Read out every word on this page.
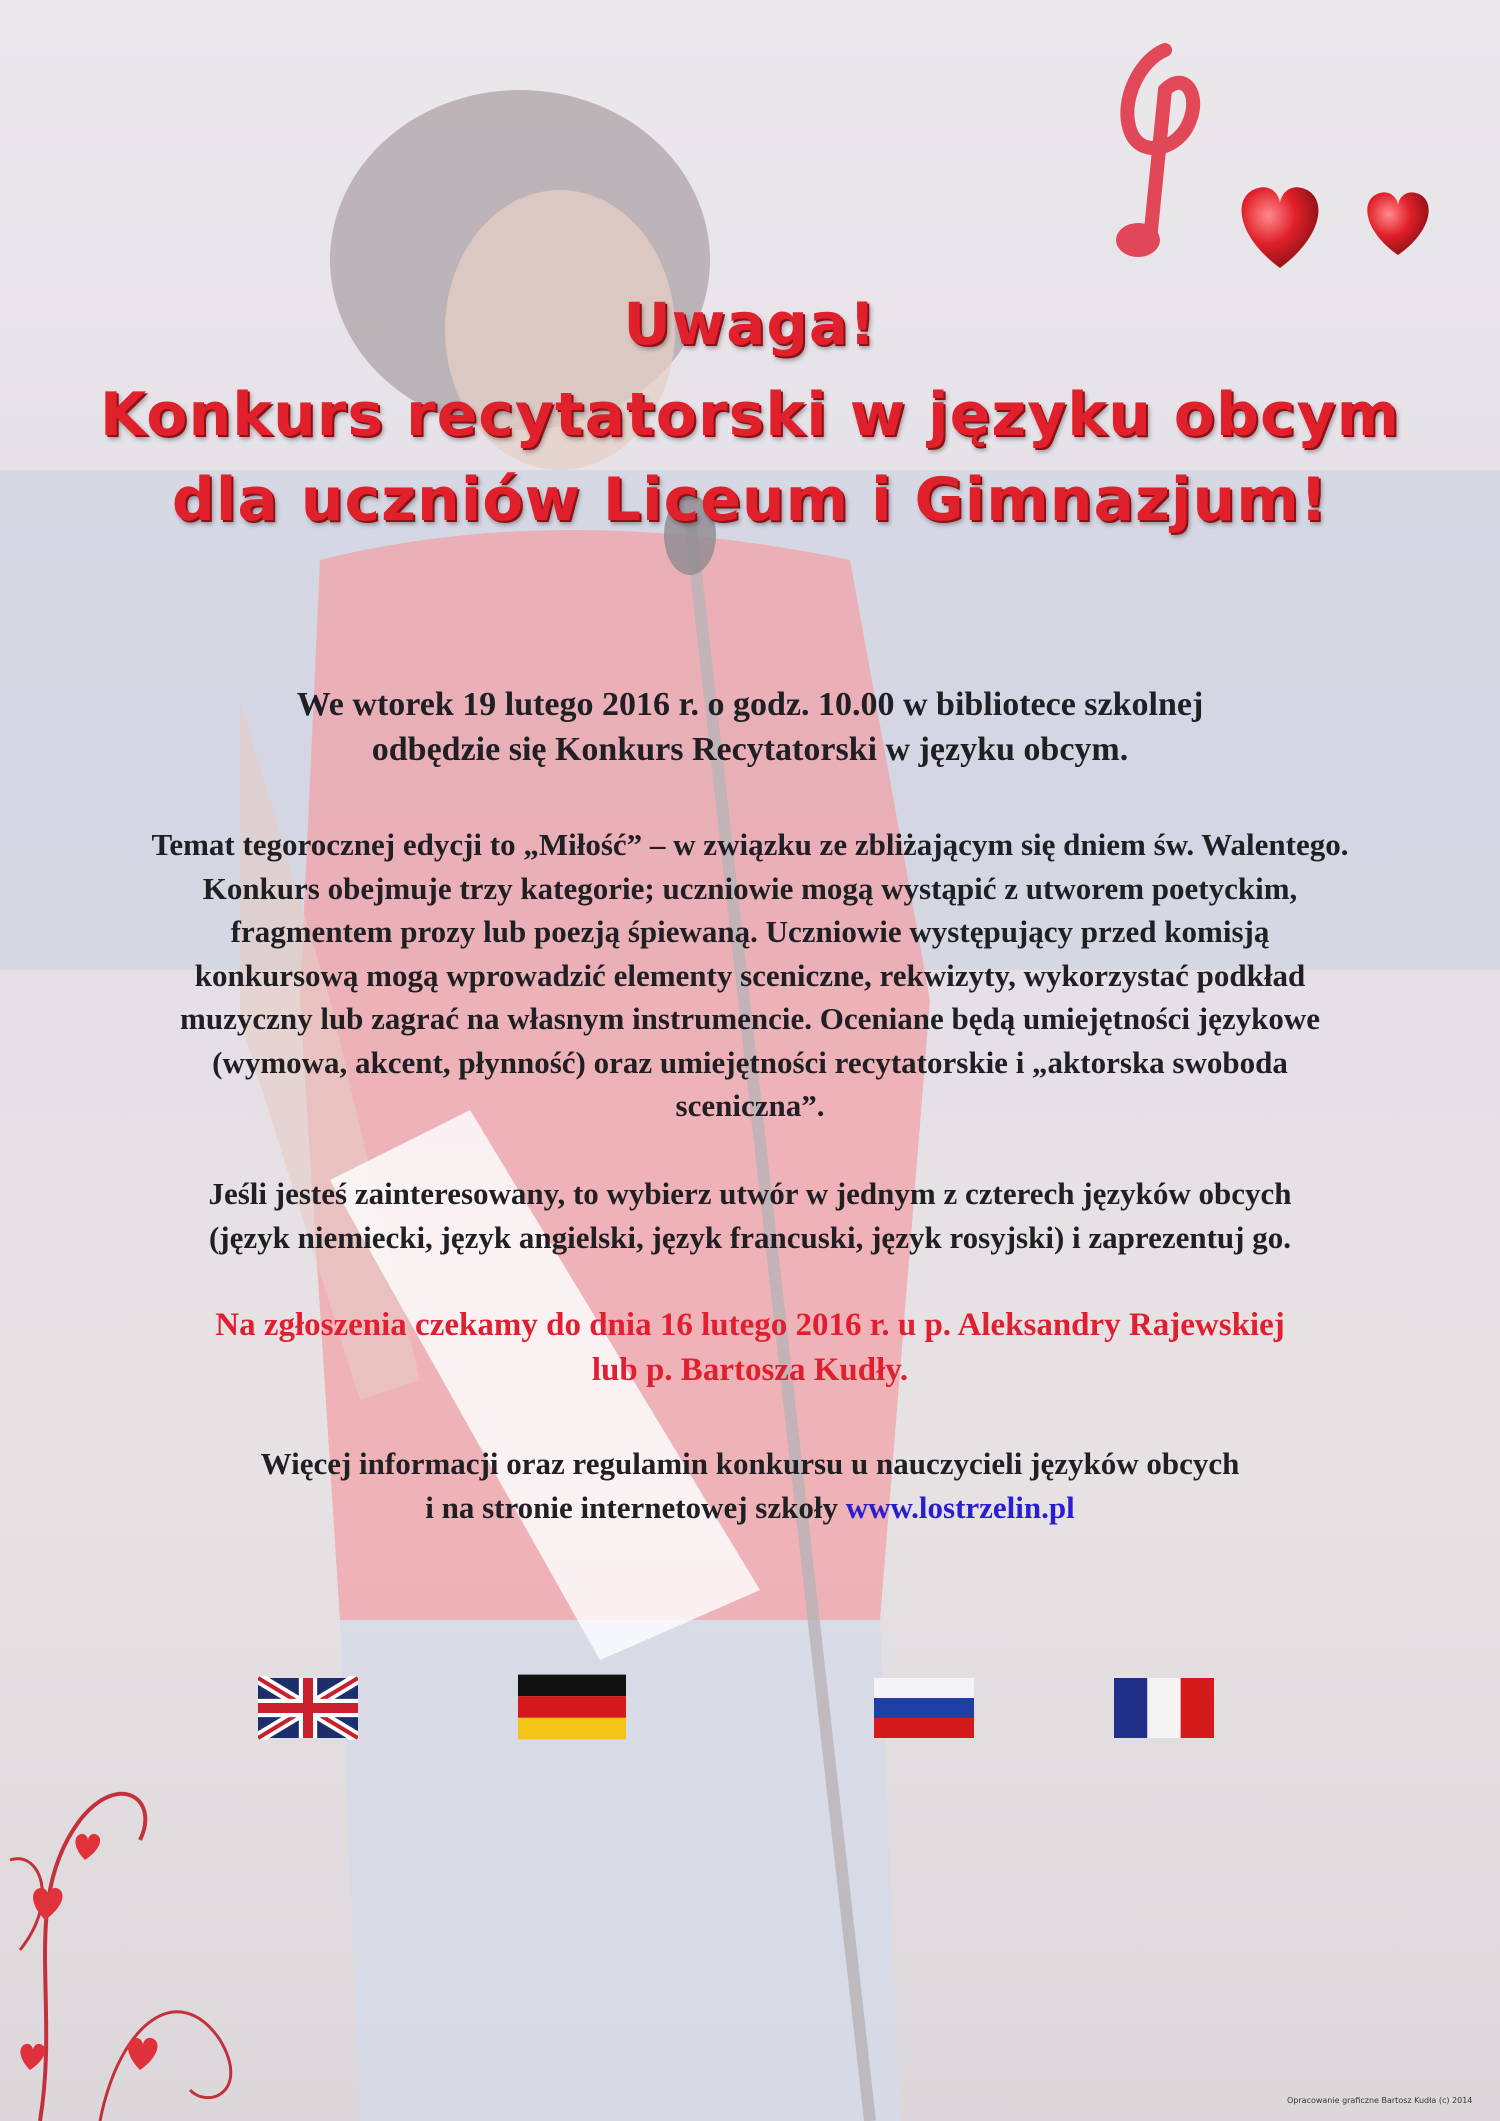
Uwaga!
Konkurs recytatorski w języku obcym
dla uczniów Liceum i Gimnazjum!
We wtorek 19 lutego 2016 r. o godz. 10.00 w bibliotece szkolnej
odbędzie się Konkurs Recytatorski w języku obcym.
Temat tegorocznej edycji to „Miłość” – w związku ze zbliżającym się dniem św. Walentego.
Konkurs obejmuje trzy kategorie; uczniowie mogą wystąpić z utworem poetyckim,
fragmentem prozy lub poezją śpiewaną. Uczniowie występujący przed komisją
konkursową mogą wprowadzić elementy sceniczne, rekwizyty, wykorzystać podkład
muzyczny lub zagrać na własnym instrumencie. Oceniane będą umiejętności językowe
(wymowa, akcent, płynność) oraz umiejętności recytatorskie i „aktorska swoboda
sceniczna”.
Jeśli jesteś zainteresowany, to wybierz utwór w jednym z czterech języków obcych
(język niemiecki, język angielski, język francuski, język rosyjski) i zaprezentuj go.
Na zgłoszenia czekamy do dnia 16 lutego 2016 r. u p. Aleksandry Rajewskiej
lub p. Bartosza Kudły.
Więcej informacji oraz regulamin konkursu u nauczycieli języków obcych
i na stronie internetowej szkoły www.lostrzelin.pl
Opracowanie graficzne Bartosz Kudła (c) 2014
